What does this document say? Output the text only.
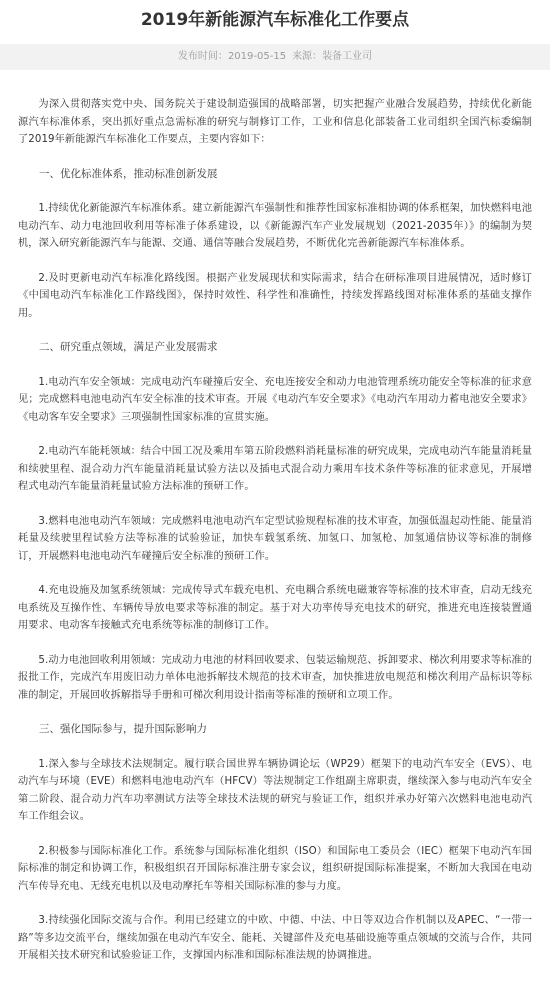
2019年新能源汽车标准化工作要点
发布时间：2019-05-15 来源：装备工业司

为深入贯彻落实党中央、国务院关于建设制造强国的战略部署，切实把握产业融合发展趋势，持续优化新能源汽车标准体系，突出抓好重点急需标准的研究与制修订工作，工业和信息化部装备工业司组织全国汽标委编制了2019年新能源汽车标准化工作要点，主要内容如下：

一、优化标准体系，推动标准创新发展

1.持续优化新能源汽车标准体系。建立新能源汽车强制性和推荐性国家标准相协调的体系框架，加快燃料电池电动汽车、动力电池回收利用等标准子体系建设，以《新能源汽车产业发展规划（2021-2035年）》的编制为契机，深入研究新能源汽车与能源、交通、通信等融合发展趋势，不断优化完善新能源汽车标准体系。

2.及时更新电动汽车标准化路线图。根据产业发展现状和实际需求，结合在研标准项目进展情况，适时修订《中国电动汽车标准化工作路线图》，保持时效性、科学性和准确性，持续发挥路线图对标准体系的基础支撑作用。

二、研究重点领域，满足产业发展需求

1.电动汽车安全领域：完成电动汽车碰撞后安全、充电连接安全和动力电池管理系统功能安全等标准的征求意见；完成燃料电池电动汽车安全标准的技术审查。开展《电动汽车安全要求》《电动汽车用动力蓄电池安全要求》《电动客车安全要求》三项强制性国家标准的宣贯实施。

2.电动汽车能耗领域：结合中国工况及乘用车第五阶段燃料消耗量标准的研究成果，完成电动汽车能量消耗量和续驶里程、混合动力汽车能量消耗量试验方法以及插电式混合动力乘用车技术条件等标准的征求意见，开展增程式电动汽车能量消耗量试验方法标准的预研工作。

3.燃料电池电动汽车领域：完成燃料电池电动汽车定型试验规程标准的技术审查，加强低温起动性能、能量消耗量及续驶里程试验方法等标准的试验验证，加快车载氢系统、加氢口、加氢枪、加氢通信协议等标准的制修订，开展燃料电池电动汽车碰撞后安全标准的预研工作。

4.充电设施及加氢系统领域：完成传导式车载充电机、充电耦合系统电磁兼容等标准的技术审查，启动无线充电系统及互操作性、车辆传导放电要求等标准的制定。基于对大功率传导充电技术的研究，推进充电连接装置通用要求、电动客车接触式充电系统等标准的制修订工作。

5.动力电池回收利用领域：完成动力电池的材料回收要求、包装运输规范、拆卸要求、梯次利用要求等标准的报批工作，完成汽车用废旧动力单体电池拆解技术规范的技术审查，加快推进放电规范和梯次利用产品标识等标准的制定，开展回收拆解指导手册和可梯次利用设计指南等标准的预研和立项工作。

三、强化国际参与，提升国际影响力

1.深入参与全球技术法规制定。履行联合国世界车辆协调论坛（WP29）框架下的电动汽车安全（EVS）、电动汽车与环境（EVE）和燃料电池电动汽车（HFCV）等法规制定工作组副主席职责，继续深入参与电动汽车安全第二阶段、混合动力汽车功率测试方法等全球技术法规的研究与验证工作，组织并承办好第六次燃料电池电动汽车工作组会议。

2.积极参与国际标准化工作。系统参与国际标准化组织（ISO）和国际电工委员会（IEC）框架下电动汽车国际标准的制定和协调工作，积极组织召开国际标准注册专家会议，组织研提国际标准提案，不断加大我国在电动汽车传导充电、无线充电机以及电动摩托车等相关国际标准的参与力度。

3.持续强化国际交流与合作。利用已经建立的中欧、中德、中法、中日等双边合作机制以及APEC、“一带一路”等多边交流平台，继续加强在电动汽车安全、能耗、关键部件及充电基础设施等重点领域的交流与合作，共同开展相关技术研究和试验验证工作，支撑国内标准和国际标准法规的协调推进。
